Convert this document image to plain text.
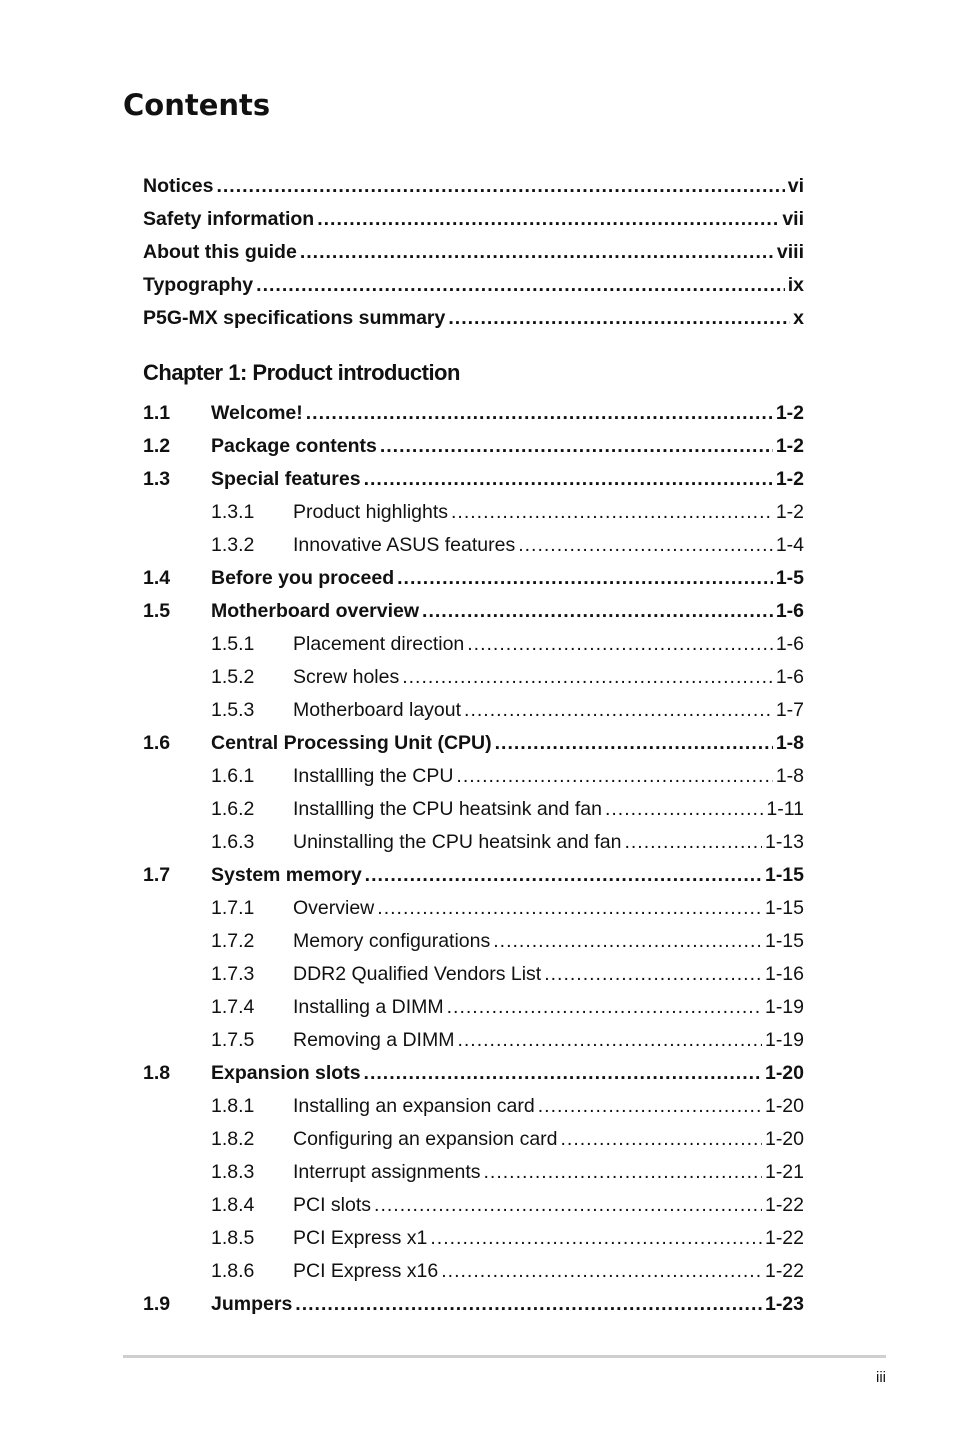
Contents
Notices .....	vi
Safety information .....	vii
About this guide .....	viii
Typography .....	ix
P5G-MX specifications summary .....	x
Chapter 1: Product introduction
1.1	Welcome! .....	1-2
1.2	Package contents .....	1-2
1.3	Special features .....	1-2
1.3.1	Product highlights .....	1-2
1.3.2	Innovative ASUS features .....	1-4
1.4	Before you proceed .....	1-5
1.5	Motherboard overview .....	1-6
1.5.1	Placement direction .....	1-6
1.5.2	Screw holes .....	1-6
1.5.3	Motherboard layout .....	1-7
1.6	Central Processing Unit (CPU) .....	1-8
1.6.1	Installling the CPU .....	1-8
1.6.2	Installling the CPU heatsink and fan .....	1-11
1.6.3	Uninstalling the CPU heatsink and fan .....	1-13
1.7	System memory .....	1-15
1.7.1	Overview .....	1-15
1.7.2	Memory configurations .....	1-15
1.7.3	DDR2 Qualified Vendors List .....	1-16
1.7.4	Installing a DIMM .....	1-19
1.7.5	Removing a DIMM .....	1-19
1.8	Expansion slots .....	1-20
1.8.1	Installing an expansion card .....	1-20
1.8.2	Configuring an expansion card .....	1-20
1.8.3	Interrupt assignments .....	1-21
1.8.4	PCI slots .....	1-22
1.8.5	PCI Express x1 .....	1-22
1.8.6	PCI Express x16 .....	1-22
1.9	Jumpers .....	1-23
iii
